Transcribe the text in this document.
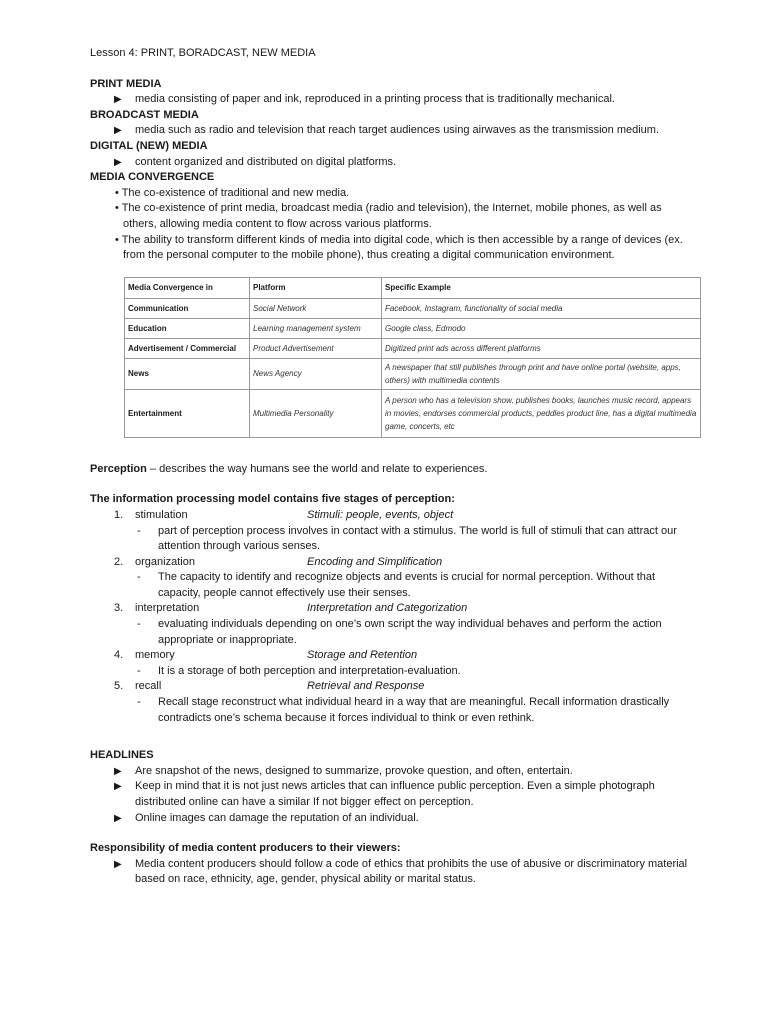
Lesson 4: PRINT, BORADCAST, NEW MEDIA
PRINT MEDIA
▶	media consisting of paper and ink, reproduced in a printing process that is traditionally mechanical.
BROADCAST MEDIA
▶	media such as radio and television that reach target audiences using airwaves as the transmission medium.
DIGITAL (NEW) MEDIA
▶	content organized and distributed on digital platforms.
MEDIA CONVERGENCE
• The co-existence of traditional and new media.
• The co-existence of print media, broadcast media (radio and television), the Internet, mobile phones, as well as others, allowing media content to flow across various platforms.
• The ability to transform different kinds of media into digital code, which is then accessible by a range of devices (ex. from the personal computer to the mobile phone), thus creating a digital communication environment.
Media Convergence in	Platform	Specific Example
Communication	Social Network	Facebook, Instagram, functionality of social media
Education	Learning management system	Google class, Edmodo
Advertisement / Commercial	Product Advertisement	Digitized print ads across different platforms
News	News Agency	A newspaper that still publishes through print and have online portal (website, apps, others) with multimedia contents
Entertainment	Multimedia Personality	A person who has a television show, publishes books, launches music record, appears in movies, endorses commercial products, peddles product line, has a digital multimedia game, concerts, etc
Perception – describes the way humans see the world and relate to experiences.
The information processing model contains five stages of perception:
1.	stimulation	Stimuli: people, events, object
-	part of perception process involves in contact with a stimulus. The world is full of stimuli that can attract our attention through various senses.
2.	organization	Encoding and Simplification
-	The capacity to identify and recognize objects and events is crucial for normal perception. Without that capacity, people cannot effectively use their senses.
3.	interpretation	Interpretation and Categorization
-	evaluating individuals depending on one’s own script the way individual behaves and perform the action appropriate or inappropriate.
4.	memory	Storage and Retention
-	It is a storage of both perception and interpretation-evaluation.
5.	recall	Retrieval and Response
-	Recall stage reconstruct what individual heard in a way that are meaningful. Recall information drastically contradicts one’s schema because it forces individual to think or even rethink.
HEADLINES
▶	Are snapshot of the news, designed to summarize, provoke question, and often, entertain.
▶	Keep in mind that it is not just news articles that can influence public perception. Even a simple photograph distributed online can have a similar If not bigger effect on perception.
▶	Online images can damage the reputation of an individual.
Responsibility of media content producers to their viewers:
▶	Media content producers should follow a code of ethics that prohibits the use of abusive or discriminatory material based on race, ethnicity, age, gender, physical ability or marital status.
